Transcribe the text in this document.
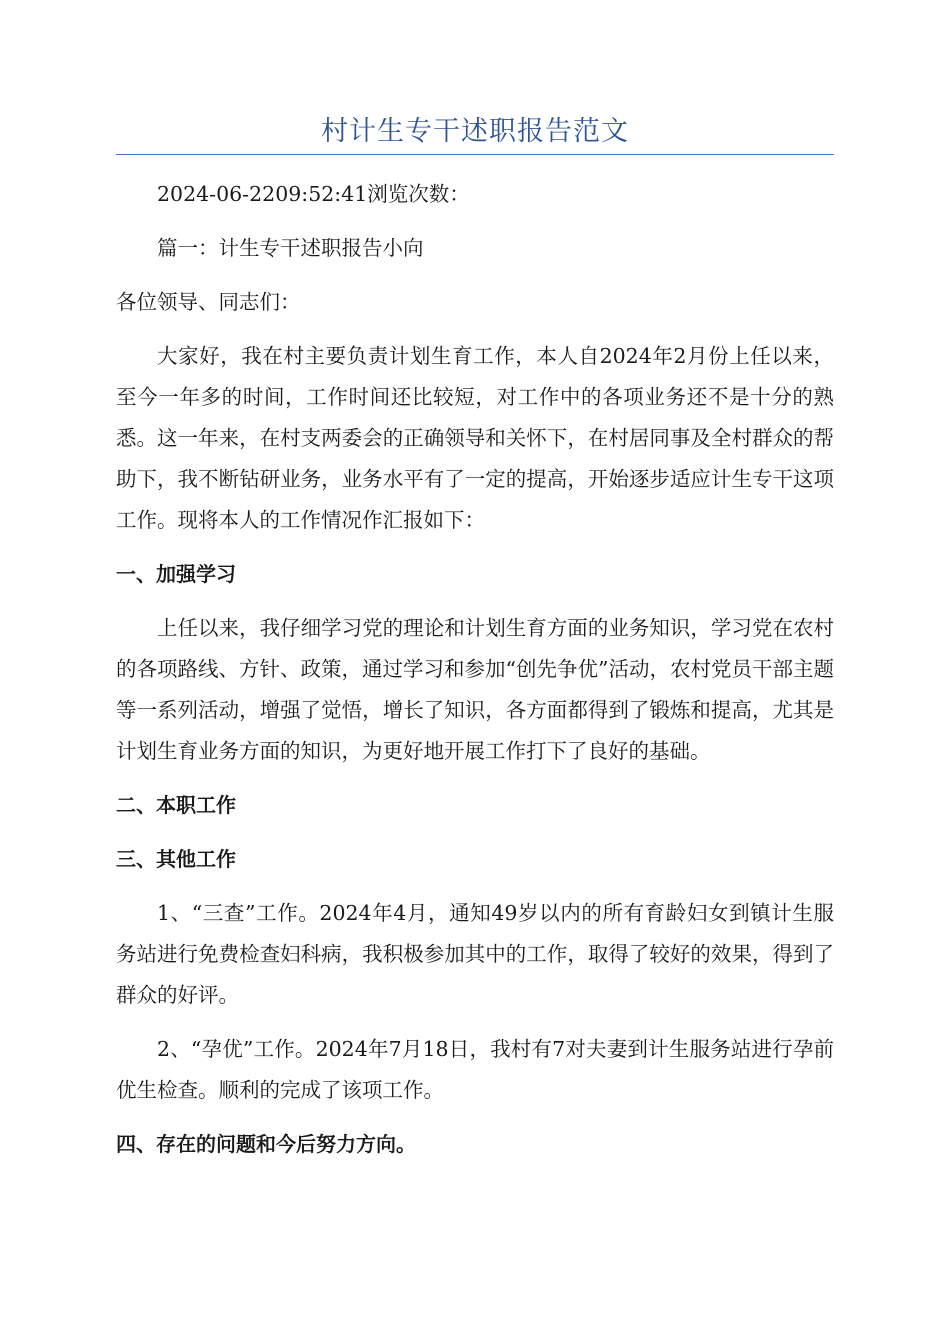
村计生专干述职报告范文

2024-06-2209:52:41浏览次数：

篇一：计生专干述职报告小向

各位领导、同志们：

大家好，我在村主要负责计划生育工作，本人自2024年2月份上任以来，至今一年多的时间，工作时间还比较短，对工作中的各项业务还不是十分的熟悉。这一年来，在村支两委会的正确领导和关怀下，在村居同事及全村群众的帮助下，我不断钻研业务，业务水平有了一定的提高，开始逐步适应计生专干这项工作。现将本人的工作情况作汇报如下：

一、加强学习

上任以来，我仔细学习党的理论和计划生育方面的业务知识，学习党在农村的各项路线、方针、政策，通过学习和参加“创先争优”活动，农村党员干部主题等一系列活动，增强了觉悟，增长了知识，各方面都得到了锻炼和提高，尤其是计划生育业务方面的知识，为更好地开展工作打下了良好的基础。

二、本职工作

三、其他工作

1、“三查”工作。2024年4月，通知49岁以内的所有育龄妇女到镇计生服务站进行免费检查妇科病，我积极参加其中的工作，取得了较好的效果，得到了群众的好评。

2、“孕优”工作。2024年7月18日，我村有7对夫妻到计生服务站进行孕前优生检查。顺利的完成了该项工作。

四、存在的问题和今后努力方向。
